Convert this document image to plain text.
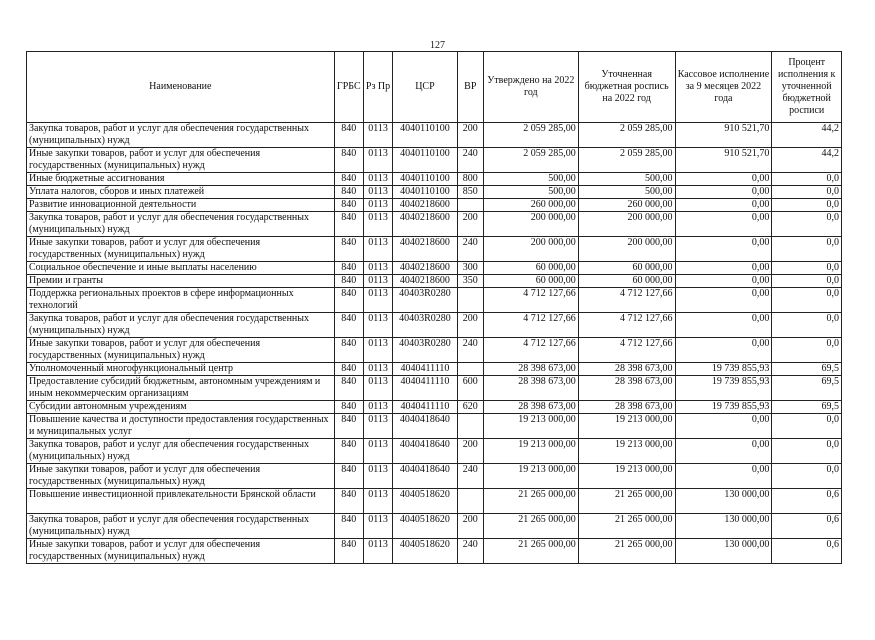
127
Наименование	ГРБС	Рз Пр	ЦСР	ВР	Утверждено на 2022 год	Уточненная бюджетная роспись на 2022 год	Кассовое исполнение за 9 месяцев 2022 года	Процент исполнения к уточненной бюджетной росписи
Закупка товаров, работ и услуг для обеспечения государственных (муниципальных) нужд	840	0113	4040110100	200	2 059 285,00	2 059 285,00	910 521,70	44,2
Иные закупки товаров, работ и услуг для обеспечения государственных (муниципальных) нужд	840	0113	4040110100	240	2 059 285,00	2 059 285,00	910 521,70	44,2
Иные бюджетные ассигнования	840	0113	4040110100	800	500,00	500,00	0,00	0,0
Уплата налогов, сборов и иных платежей	840	0113	4040110100	850	500,00	500,00	0,00	0,0
Развитие инновационной деятельности	840	0113	4040218600		260 000,00	260 000,00	0,00	0,0
Закупка товаров, работ и услуг для обеспечения государственных (муниципальных) нужд	840	0113	4040218600	200	200 000,00	200 000,00	0,00	0,0
Иные закупки товаров, работ и услуг для обеспечения государственных (муниципальных) нужд	840	0113	4040218600	240	200 000,00	200 000,00	0,00	0,0
Социальное обеспечение и иные выплаты населению	840	0113	4040218600	300	60 000,00	60 000,00	0,00	0,0
Премии и гранты	840	0113	4040218600	350	60 000,00	60 000,00	0,00	0,0
Поддержка региональных проектов в сфере информационных технологий	840	0113	40403R0280		4 712 127,66	4 712 127,66	0,00	0,0
Закупка товаров, работ и услуг для обеспечения государственных (муниципальных) нужд	840	0113	40403R0280	200	4 712 127,66	4 712 127,66	0,00	0,0
Иные закупки товаров, работ и услуг для обеспечения государственных (муниципальных) нужд	840	0113	40403R0280	240	4 712 127,66	4 712 127,66	0,00	0,0
Уполномоченный многофункциональный центр	840	0113	4040411110		28 398 673,00	28 398 673,00	19 739 855,93	69,5
Предоставление субсидий бюджетным, автономным учреждениям и иным некоммерческим организациям	840	0113	4040411110	600	28 398 673,00	28 398 673,00	19 739 855,93	69,5
Субсидии автономным учреждениям	840	0113	4040411110	620	28 398 673,00	28 398 673,00	19 739 855,93	69,5
Повышение качества и доступности предоставления государственных и муниципальных услуг	840	0113	4040418640		19 213 000,00	19 213 000,00	0,00	0,0
Закупка товаров, работ и услуг для обеспечения государственных (муниципальных) нужд	840	0113	4040418640	200	19 213 000,00	19 213 000,00	0,00	0,0
Иные закупки товаров, работ и услуг для обеспечения государственных (муниципальных) нужд	840	0113	4040418640	240	19 213 000,00	19 213 000,00	0,00	0,0
Повышение инвестиционной привлекательности Брянской области	840	0113	4040518620		21 265 000,00	21 265 000,00	130 000,00	0,6
Закупка товаров, работ и услуг для обеспечения государственных (муниципальных) нужд	840	0113	4040518620	200	21 265 000,00	21 265 000,00	130 000,00	0,6
Иные закупки товаров, работ и услуг для обеспечения государственных (муниципальных) нужд	840	0113	4040518620	240	21 265 000,00	21 265 000,00	130 000,00	0,6
